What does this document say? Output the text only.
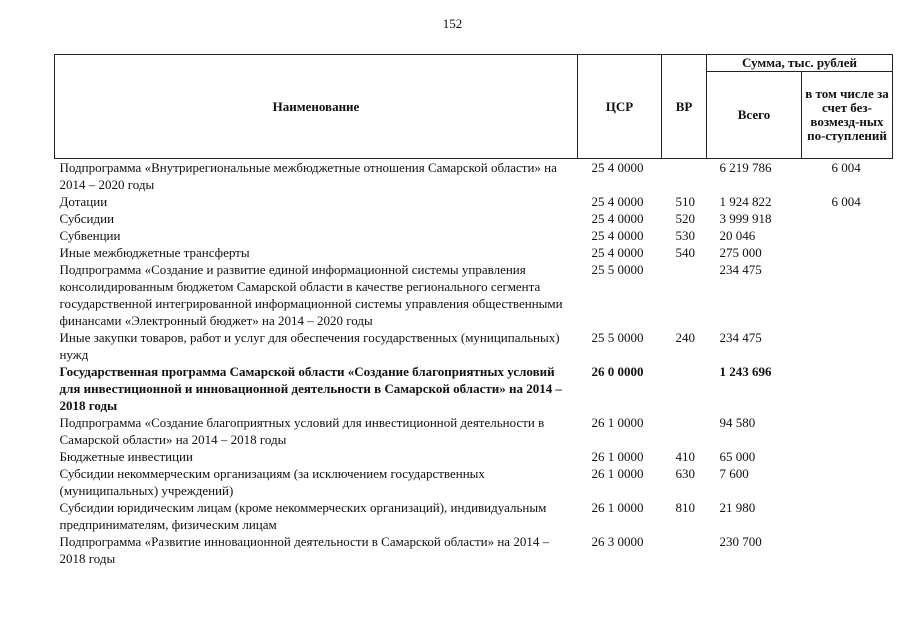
152
Наименование	ЦСР	ВР	Сумма, тыс. рублей	
			Всего	в том числе за счет без-возмезд-ных по-ступлений
Подпрограмма «Внутрирегиональные межбюджетные отношения Самарской области» на 2014 – 2020 годы	25 4 0000		6 219 786	6 004
Дотации	25 4 0000	510	1 924 822	6 004
Субсидии	25 4 0000	520	3 999 918	
Субвенции	25 4 0000	530	20 046	
Иные межбюджетные трансферты	25 4 0000	540	275 000	
Подпрограмма «Создание и развитие единой информационной системы управления консолидированным бюджетом Самарской области в качестве регионального сегмента государственной интегрированной информационной системы управления общественными финансами «Электронный бюджет» на 2014 – 2020 годы	25 5 0000		234 475	
Иные закупки товаров, работ и услуг для обеспечения государственных (муниципальных) нужд	25 5 0000	240	234 475	
Государственная программа Самарской области «Создание благоприятных условий для инвестиционной и инновационной деятельности в Самарской области» на 2014 – 2018 годы	26 0 0000		1 243 696	
Подпрограмма «Создание благоприятных условий для инвестиционной деятельности в Самарской области» на 2014 – 2018 годы	26 1 0000		94 580	
Бюджетные инвестиции	26 1 0000	410	65 000	
Субсидии некоммерческим организациям (за исключением государственных (муниципальных) учреждений)	26 1 0000	630	7 600	
Субсидии юридическим лицам (кроме некоммерческих организаций), индивидуальным предпринимателям, физическим лицам	26 1 0000	810	21 980	
Подпрограмма «Развитие инновационной деятельности в Самарской области» на 2014 – 2018 годы	26 3 0000		230 700	
